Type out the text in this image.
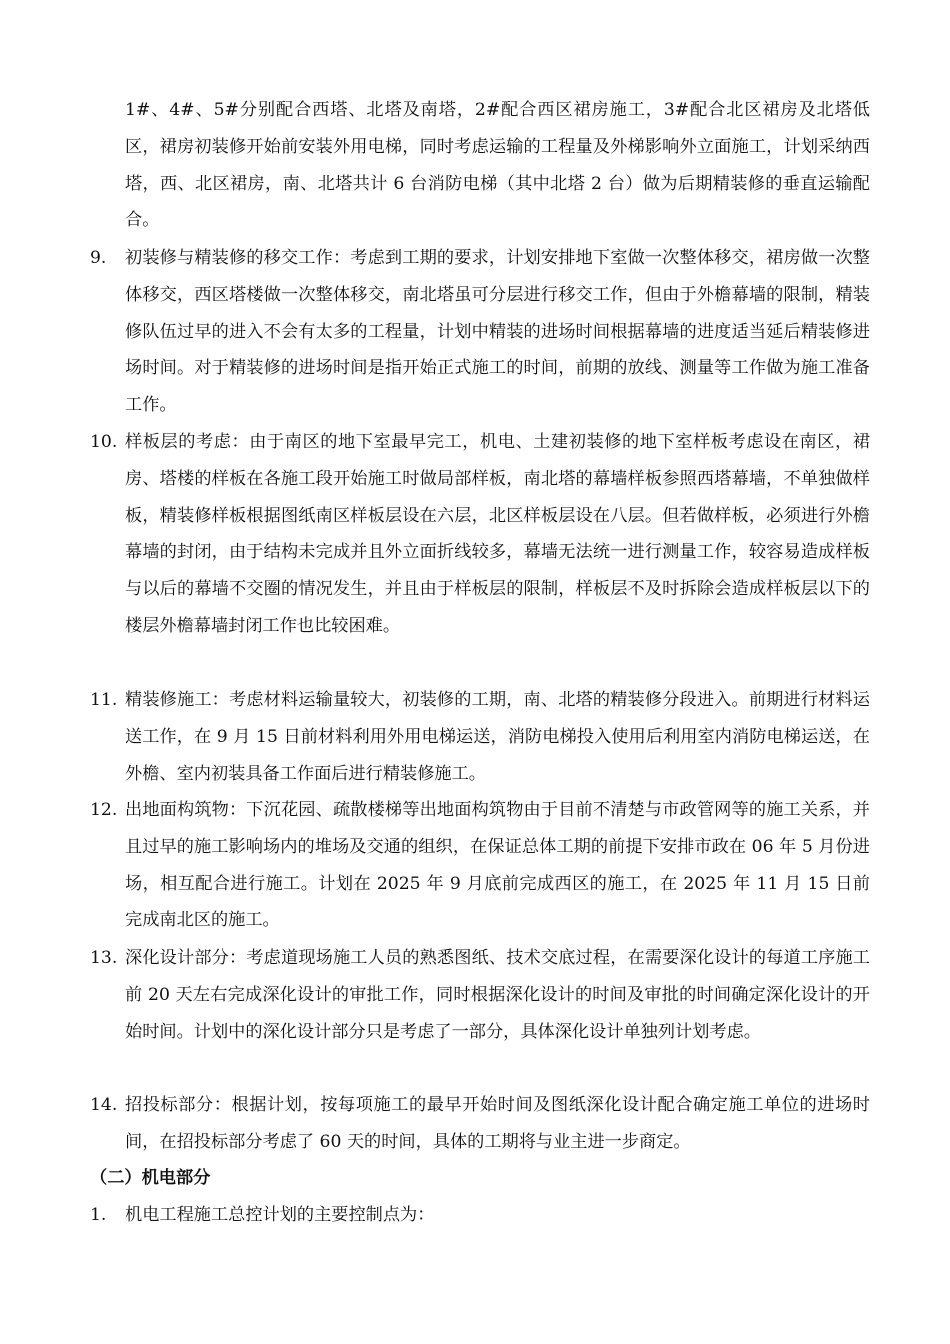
1#、4#、5#分别配合西塔、北塔及南塔，2#配合西区裙房施工，3#配合北区裙房及北塔低区，裙房初装修开始前安装外用电梯，同时考虑运输的工程量及外梯影响外立面施工，计划采纳西塔，西、北区裙房，南、北塔共计 6 台消防电梯（其中北塔 2 台）做为后期精装修的垂直运输配合。

9.	初装修与精装修的移交工作：考虑到工期的要求，计划安排地下室做一次整体移交，裙房做一次整体移交，西区塔楼做一次整体移交，南北塔虽可分层进行移交工作，但由于外檐幕墙的限制，精装修队伍过早的进入不会有太多的工程量，计划中精装的进场时间根据幕墙的进度适当延后精装修进场时间。对于精装修的进场时间是指开始正式施工的时间，前期的放线、测量等工作做为施工准备工作。

10. 样板层的考虑：由于南区的地下室最早完工，机电、土建初装修的地下室样板考虑设在南区，裙房、塔楼的样板在各施工段开始施工时做局部样板，南北塔的幕墙样板参照西塔幕墙，不单独做样板，精装修样板根据图纸南区样板层设在六层，北区样板层设在八层。但若做样板，必须进行外檐幕墙的封闭，由于结构未完成并且外立面折线较多，幕墙无法统一进行测量工作，较容易造成样板与以后的幕墙不交圈的情况发生，并且由于样板层的限制，样板层不及时拆除会造成样板层以下的楼层外檐幕墙封闭工作也比较困难。

11. 精装修施工：考虑材料运输量较大，初装修的工期，南、北塔的精装修分段进入。前期进行材料运送工作，在 9 月 15 日前材料利用外用电梯运送，消防电梯投入使用后利用室内消防电梯运送，在外檐、室内初装具备工作面后进行精装修施工。

12. 出地面构筑物：下沉花园、疏散楼梯等出地面构筑物由于目前不清楚与市政管网等的施工关系，并且过早的施工影响场内的堆场及交通的组织，在保证总体工期的前提下安排市政在 06 年 5 月份进场，相互配合进行施工。计划在 2025 年 9 月底前完成西区的施工，在 2025 年 11 月 15 日前完成南北区的施工。

13. 深化设计部分：考虑道现场施工人员的熟悉图纸、技术交底过程，在需要深化设计的每道工序施工前 20 天左右完成深化设计的审批工作，同时根据深化设计的时间及审批的时间确定深化设计的开始时间。计划中的深化设计部分只是考虑了一部分，具体深化设计单独列计划考虑。

14. 招投标部分：根据计划，按每项施工的最早开始时间及图纸深化设计配合确定施工单位的进场时间，在招投标部分考虑了 60 天的时间，具体的工期将与业主进一步商定。

（二）机电部分
1.	机电工程施工总控计划的主要控制点为：
